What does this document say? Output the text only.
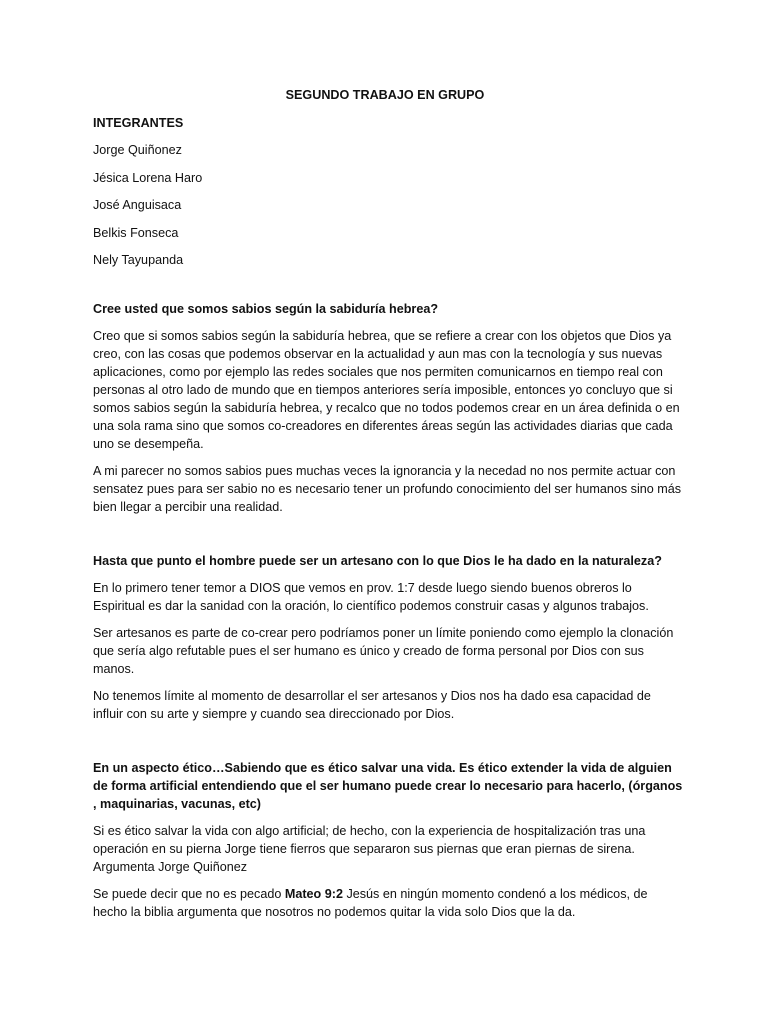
SEGUNDO TRABAJO EN GRUPO
INTEGRANTES
Jorge Quiñonez
Jésica Lorena Haro
José Anguisaca
Belkis Fonseca
Nely Tayupanda
Cree usted que somos sabios según la sabiduría hebrea?

Creo que si somos sabios según la sabiduría hebrea, que se refiere a crear con los objetos que Dios ya creo, con las cosas que podemos observar en la actualidad y aun mas con la tecnología y sus nuevas aplicaciones, como por ejemplo las redes sociales que nos permiten comunicarnos en tiempo real con personas al otro lado de mundo que en tiempos anteriores sería imposible, entonces yo concluyo que si somos sabios según la sabiduría hebrea, y recalco que no todos podemos crear en un área definida o en una sola rama sino que somos co-creadores en diferentes áreas según las actividades diarias que cada uno se desempeña.

A mi parecer no somos sabios pues muchas veces la ignorancia y la necedad no nos permite actuar con sensatez pues para ser sabio no es necesario tener un profundo conocimiento del ser humanos sino más bien llegar a percibir una realidad.

Hasta que punto el hombre puede ser un artesano con lo que Dios le ha dado en la naturaleza?

En lo primero tener temor a DIOS que vemos en prov. 1:7 desde luego siendo buenos obreros lo Espiritual es dar la sanidad con la oración, lo científico podemos construir casas y algunos trabajos.

Ser artesanos es parte de co-crear pero podríamos poner un límite poniendo como ejemplo la clonación que sería algo refutable pues el ser humano es único y creado de forma personal por Dios con sus manos.

No tenemos límite al momento de desarrollar el ser artesanos y Dios nos ha dado esa capacidad de influir con su arte y siempre y cuando sea direccionado por Dios.

En un aspecto ético…Sabiendo que es ético salvar una vida. Es ético extender la vida de alguien de forma artificial entendiendo que el ser humano puede crear lo necesario para hacerlo, (órganos , maquinarias, vacunas, etc)

Si es ético salvar la vida con algo artificial; de hecho, con la experiencia de hospitalización tras una operación en su pierna Jorge tiene fierros que separaron sus piernas que eran piernas de sirena. Argumenta Jorge Quiñonez

Se puede decir que no es pecado Mateo 9:2 Jesús en ningún momento condenó a los médicos, de hecho la biblia argumenta que nosotros no podemos quitar la vida solo Dios que la da.
